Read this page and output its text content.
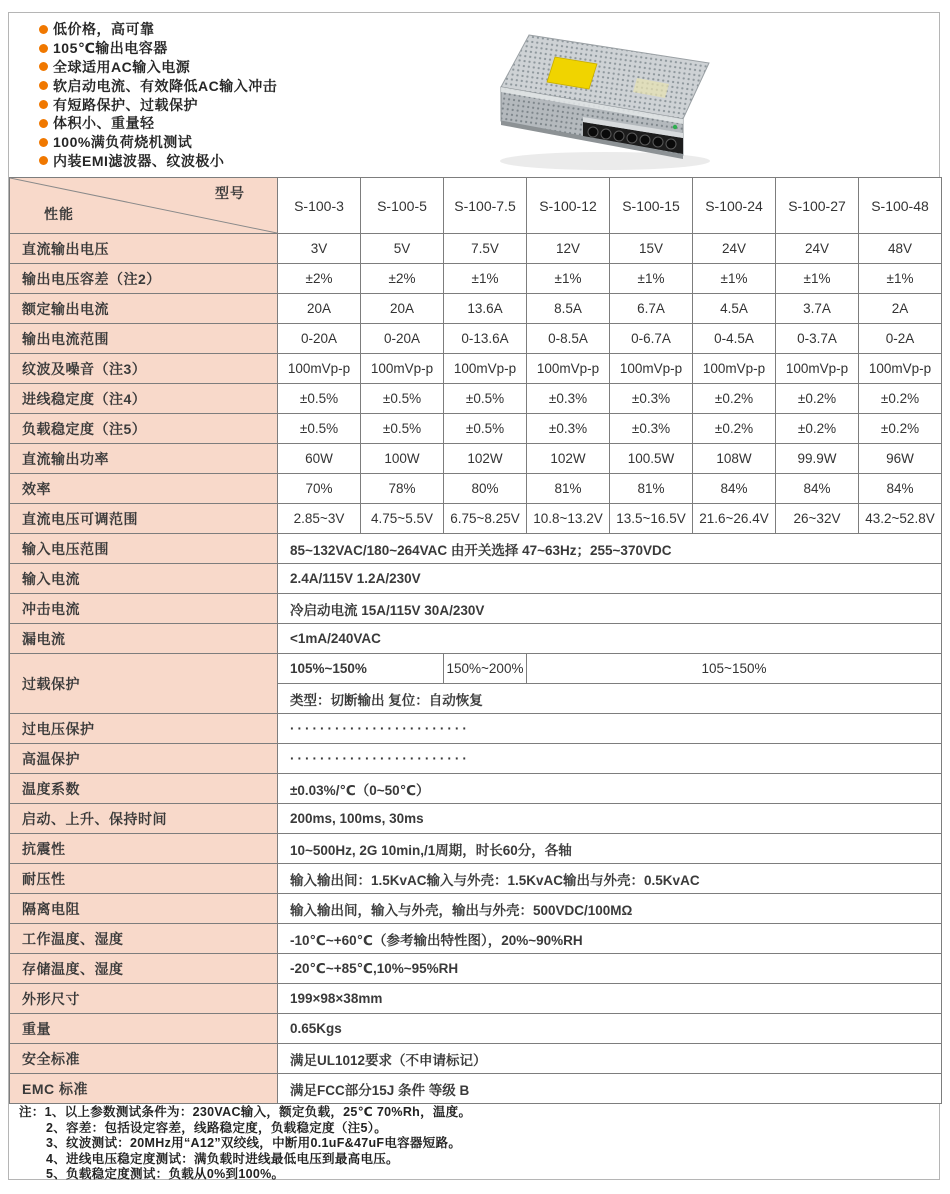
低价格，高可靠
105℃输出电容器
全球适用AC输入电源
软启动电流、有效降低AC输入冲击
有短路保护、过载保护
体积小、重量轻
100%满负荷烧机测试
内装EMI滤波器、纹波极小
型号
性能	S-100-3	S-100-5	S-100-7.5	S-100-12	S-100-15	S-100-24	S-100-27	S-100-48
直流输出电压	3V	5V	7.5V	12V	15V	24V	24V	48V
输出电压容差（注2）	±2%	±2%	±1%	±1%	±1%	±1%	±1%	±1%
额定输出电流	20A	20A	13.6A	8.5A	6.7A	4.5A	3.7A	2A
输出电流范围	0-20A	0-20A	0-13.6A	0-8.5A	0-6.7A	0-4.5A	0-3.7A	0-2A
纹波及噪音（注3）	100mVp-p	100mVp-p	100mVp-p	100mVp-p	100mVp-p	100mVp-p	100mVp-p	100mVp-p
进线稳定度（注4）	±0.5%	±0.5%	±0.5%	±0.3%	±0.3%	±0.2%	±0.2%	±0.2%
负载稳定度（注5）	±0.5%	±0.5%	±0.5%	±0.3%	±0.3%	±0.2%	±0.2%	±0.2%
直流输出功率	60W	100W	102W	102W	100.5W	108W	99.9W	96W
效率	70%	78%	80%	81%	81%	84%	84%	84%
直流电压可调范围	2.85~3V	4.75~5.5V	6.75~8.25V	10.8~13.2V	13.5~16.5V	21.6~26.4V	26~32V	43.2~52.8V
输入电压范围	85~132VAC/180~264VAC 由开关选择 47~63Hz；255~370VDC							
输入电流	2.4A/115V 1.2A/230V							
冲击电流	冷启动电流 15A/115V 30A/230V							
漏电流	<1mA/240VAC							
过载保护	105%~150%		150%~200%	105~150%				
	类型：切断输出 复位：自动恢复							
过电压保护	························							
高温保护	························							
温度系数	±0.03%/℃（0~50℃）							
启动、上升、保持时间	200ms, 100ms, 30ms							
抗震性	10~500Hz, 2G 10min,/1周期，时长60分，各轴							
耐压性	输入输出间：1.5KvAC输入与外壳：1.5KvAC输出与外壳：0.5KvAC							
隔离电阻	输入输出间，输入与外壳，输出与外壳：500VDC/100MΩ							
工作温度、湿度	-10℃~+60℃（参考输出特性图），20%~90%RH							
存储温度、湿度	-20℃~+85℃,10%~95%RH							
外形尺寸	199×98×38mm							
重量	0.65Kgs							
安全标准	满足UL1012要求（不申请标记）							
EMC 标准	满足FCC部分15J 条件 等级 B							
注：1、以上参数测试条件为：230VAC输入，额定负载，25℃ 70%Rh，温度。
2、容差：包括设定容差，线路稳定度，负载稳定度（注5）。
3、纹波测试：20MHz用“A12”双绞线，中断用0.1uF&47uF电容器短路。
4、进线电压稳定度测试：满负载时进线最低电压到最高电压。
5、负载稳定度测试：负载从0%到100%。
